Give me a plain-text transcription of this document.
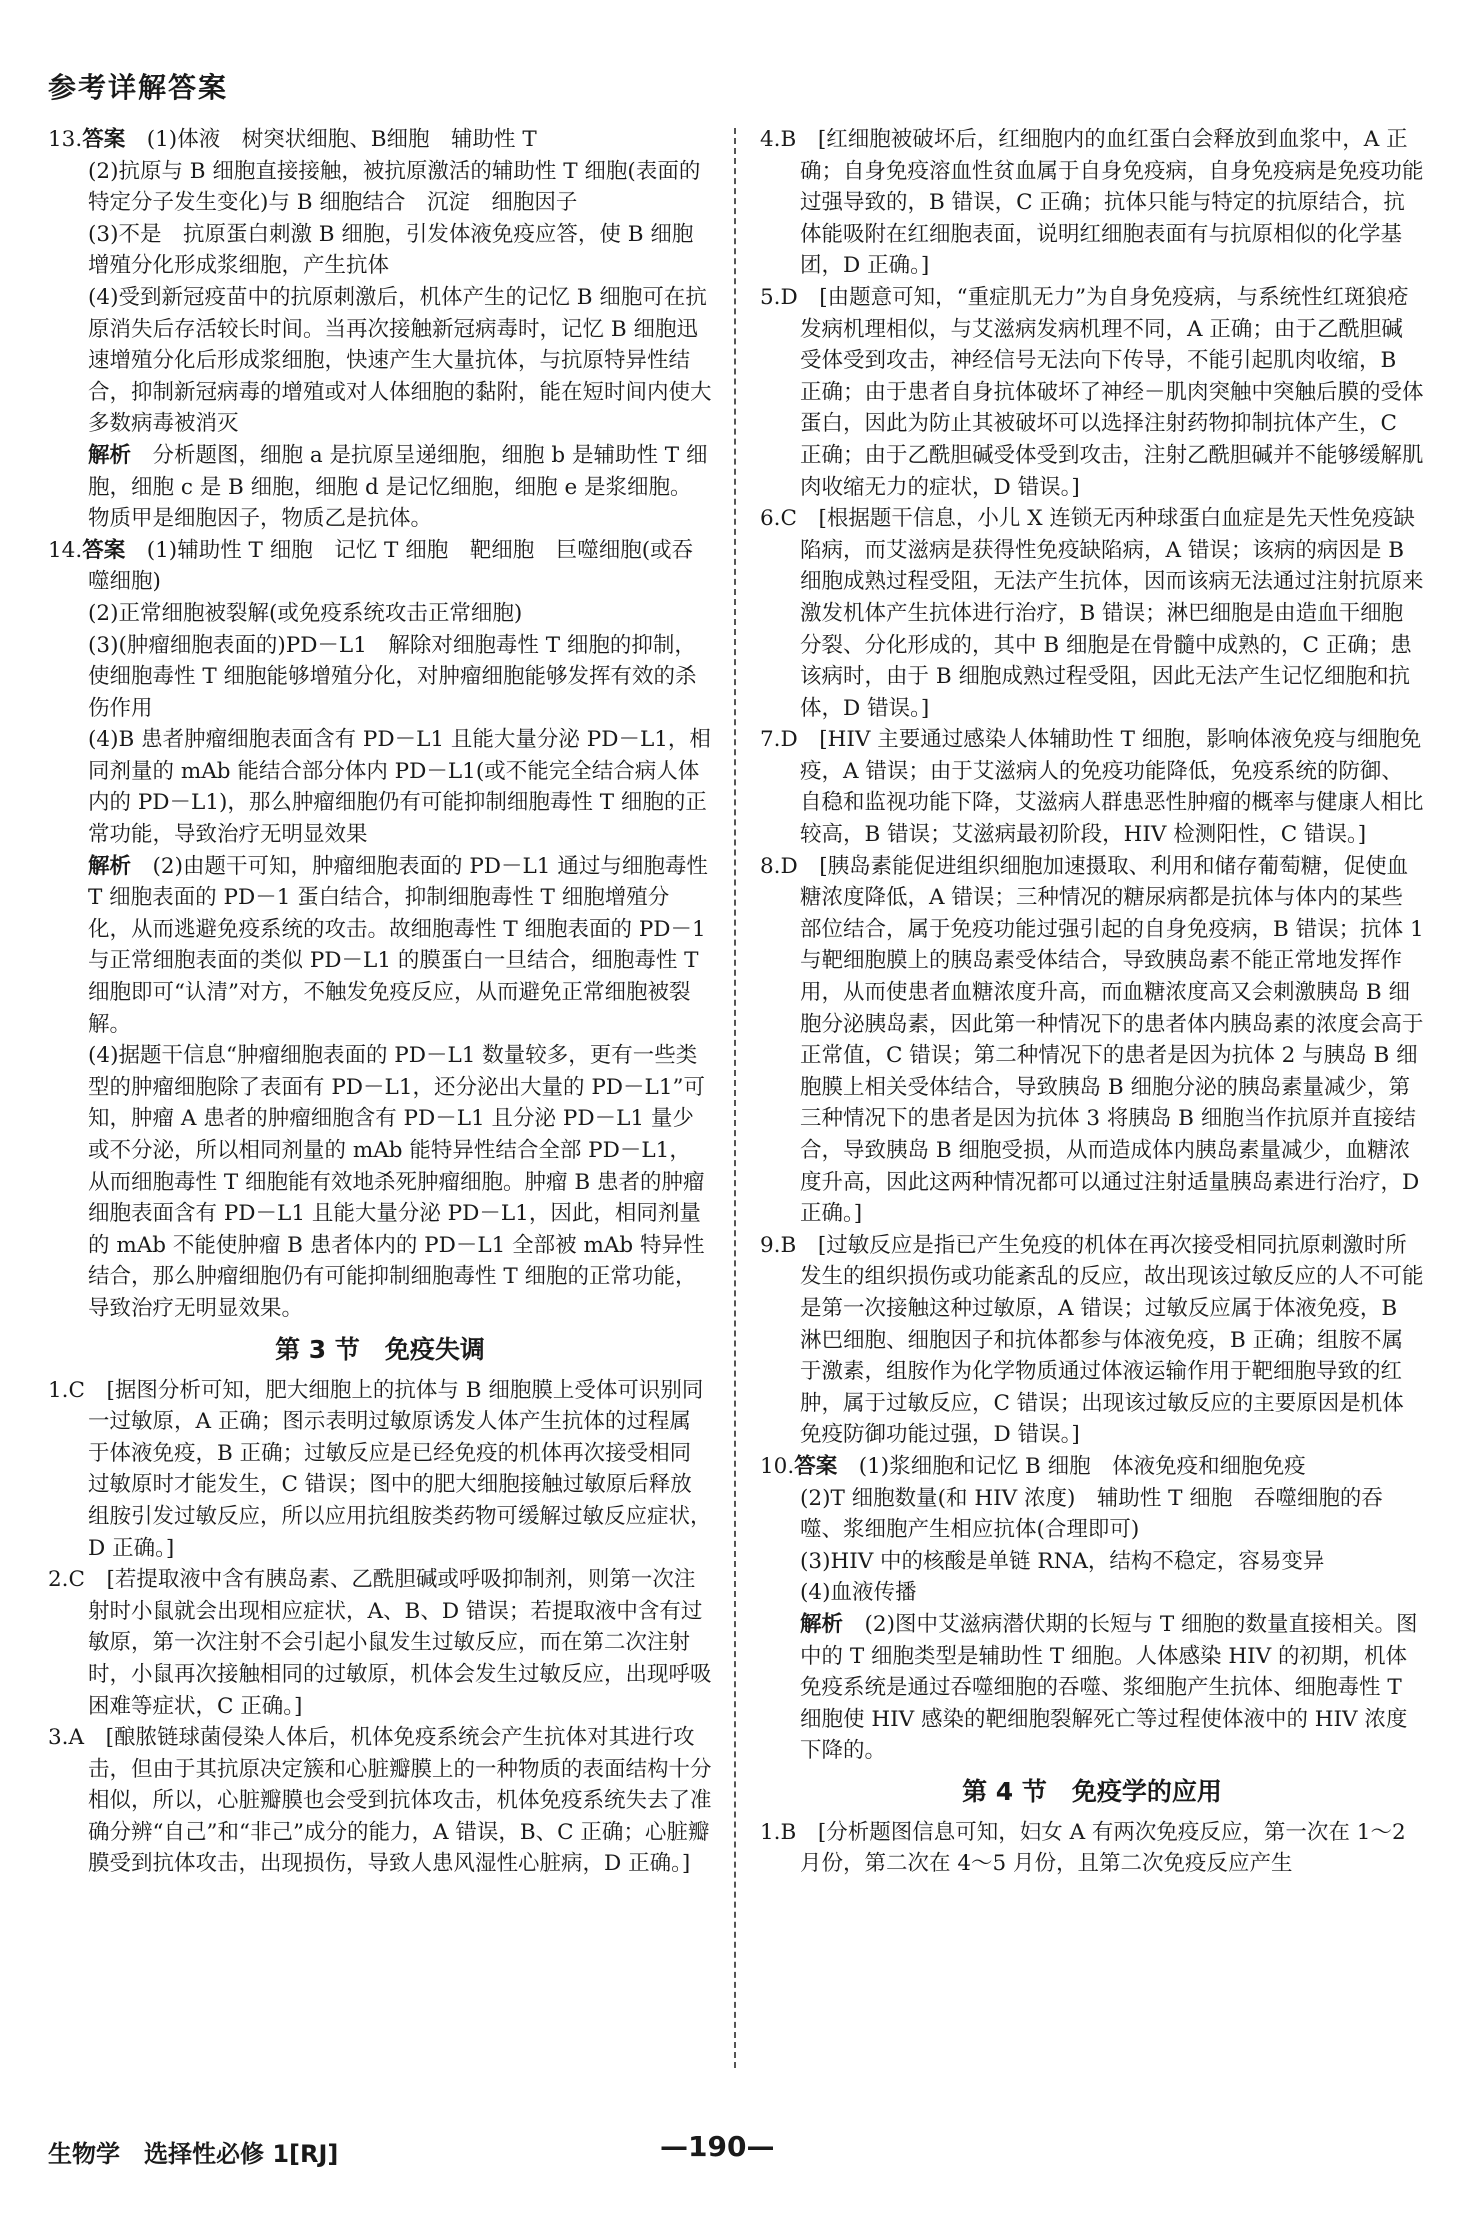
参考详解答案

13.答案　 (1)体液　树突状细胞、B细胞　辅助性 T

(2)抗原与 B 细胞直接接触，被抗原激活的辅助性 T 细胞(表面的特定分子发生变化)与 B 细胞结合　沉淀　细胞因子

(3)不是　抗原蛋白刺激 B 细胞，引发体液免疫应答，使 B 细胞增殖分化形成浆细胞，产生抗体

(4)受到新冠疫苗中的抗原刺激后，机体产生的记忆 B 细胞可在抗原消失后存活较长时间。当再次接触新冠病毒时，记忆 B 细胞迅速增殖分化后形成浆细胞，快速产生大量抗体，与抗原特异性结合，抑制新冠病毒的增殖或对人体细胞的黏附，能在短时间内使大多数病毒被消灭

解析　 分析题图，细胞 a 是抗原呈递细胞，细胞 b 是辅助性 T 细胞，细胞 c 是 B 细胞，细胞 d 是记忆细胞，细胞 e 是浆细胞。物质甲是细胞因子，物质乙是抗体。

14.答案　 (1)辅助性 T 细胞　记忆 T 细胞　靶细胞　巨噬细胞(或吞噬细胞)

(2)正常细胞被裂解(或免疫系统攻击正常细胞)

(3)(肿瘤细胞表面的)PD－L1　解除对细胞毒性 T 细胞的抑制，使细胞毒性 T 细胞能够增殖分化，对肿瘤细胞能够发挥有效的杀伤作用

(4)B 患者肿瘤细胞表面含有 PD－L1 且能大量分泌 PD－L1，相同剂量的 mAb 能结合部分体内 PD－L1(或不能完全结合病人体内的 PD－L1)，那么肿瘤细胞仍有可能抑制细胞毒性 T 细胞的正常功能，导致治疗无明显效果

解析　 (2)由题干可知，肿瘤细胞表面的 PD－L1 通过与细胞毒性 T 细胞表面的 PD－1 蛋白结合，抑制细胞毒性 T 细胞增殖分化，从而逃避免疫系统的攻击。故细胞毒性 T 细胞表面的 PD－1 与正常细胞表面的类似 PD－L1 的膜蛋白一旦结合，细胞毒性 T 细胞即可“认清”对方，不触发免疫反应，从而避免正常细胞被裂解。

(4)据题干信息“肿瘤细胞表面的 PD－L1 数量较多，更有一些类型的肿瘤细胞除了表面有 PD－L1，还分泌出大量的 PD－L1”可知，肿瘤 A 患者的肿瘤细胞含有 PD－L1 且分泌 PD－L1 量少或不分泌，所以相同剂量的 mAb 能特异性结合全部 PD－L1，从而细胞毒性 T 细胞能有效地杀死肿瘤细胞。肿瘤 B 患者的肿瘤细胞表面含有 PD－L1 且能大量分泌 PD－L1，因此，相同剂量的 mAb 不能使肿瘤 B 患者体内的 PD－L1 全部被 mAb 特异性结合，那么肿瘤细胞仍有可能抑制细胞毒性 T 细胞的正常功能，导致治疗无明显效果。

第 3 节　免疫失调

1.C　 [据图分析可知，肥大细胞上的抗体与 B 细胞膜上受体可识别同一过敏原，A 正确；图示表明过敏原诱发人体产生抗体的过程属于体液免疫，B 正确；过敏反应是已经免疫的机体再次接受相同过敏原时才能发生，C 错误；图中的肥大细胞接触过敏原后释放组胺引发过敏反应，所以应用抗组胺类药物可缓解过敏反应症状，D 正确。]

2.C　 [若提取液中含有胰岛素、乙酰胆碱或呼吸抑制剂，则第一次注射时小鼠就会出现相应症状，A、B、D 错误；若提取液中含有过敏原，第一次注射不会引起小鼠发生过敏反应，而在第二次注射时，小鼠再次接触相同的过敏原，机体会发生过敏反应，出现呼吸困难等症状，C 正确。]

3.A　 [酿脓链球菌侵染人体后，机体免疫系统会产生抗体对其进行攻击，但由于其抗原决定簇和心脏瓣膜上的一种物质的表面结构十分相似，所以，心脏瓣膜也会受到抗体攻击，机体免疫系统失去了准确分辨“自己”和“非己”成分的能力，A 错误，B、C 正确；心脏瓣膜受到抗体攻击，出现损伤，导致人患风湿性心脏病，D 正确。]

4.B　 [红细胞被破坏后，红细胞内的血红蛋白会释放到血浆中，A 正确；自身免疫溶血性贫血属于自身免疫病，自身免疫病是免疫功能过强导致的，B 错误，C 正确；抗体只能与特定的抗原结合，抗体能吸附在红细胞表面，说明红细胞表面有与抗原相似的化学基团，D 正确。]

5.D　 [由题意可知，“重症肌无力”为自身免疫病，与系统性红斑狼疮发病机理相似，与艾滋病发病机理不同，A 正确；由于乙酰胆碱受体受到攻击，神经信号无法向下传导，不能引起肌肉收缩，B 正确；由于患者自身抗体破坏了神经－肌肉突触中突触后膜的受体蛋白，因此为防止其被破坏可以选择注射药物抑制抗体产生，C 正确；由于乙酰胆碱受体受到攻击，注射乙酰胆碱并不能够缓解肌肉收缩无力的症状，D 错误。]

6.C　 [根据题干信息，小儿 X 连锁无丙种球蛋白血症是先天性免疫缺陷病，而艾滋病是获得性免疫缺陷病，A 错误；该病的病因是 B 细胞成熟过程受阻，无法产生抗体，因而该病无法通过注射抗原来激发机体产生抗体进行治疗，B 错误；淋巴细胞是由造血干细胞分裂、分化形成的，其中 B 细胞是在骨髓中成熟的，C 正确；患该病时，由于 B 细胞成熟过程受阻，因此无法产生记忆细胞和抗体，D 错误。]

7.D　 [HIV 主要通过感染人体辅助性 T 细胞，影响体液免疫与细胞免疫，A 错误；由于艾滋病人的免疫功能降低，免疫系统的防御、自稳和监视功能下降，艾滋病人群患恶性肿瘤的概率与健康人相比较高，B 错误；艾滋病最初阶段，HIV 检测阳性，C 错误。]

8.D　 [胰岛素能促进组织细胞加速摄取、利用和储存葡萄糖，促使血糖浓度降低，A 错误；三种情况的糖尿病都是抗体与体内的某些部位结合，属于免疫功能过强引起的自身免疫病，B 错误；抗体 1 与靶细胞膜上的胰岛素受体结合，导致胰岛素不能正常地发挥作用，从而使患者血糖浓度升高，而血糖浓度高又会刺激胰岛 B 细胞分泌胰岛素，因此第一种情况下的患者体内胰岛素的浓度会高于正常值，C 错误；第二种情况下的患者是因为抗体 2 与胰岛 B 细胞膜上相关受体结合，导致胰岛 B 细胞分泌的胰岛素量减少，第三种情况下的患者是因为抗体 3 将胰岛 B 细胞当作抗原并直接结合，导致胰岛 B 细胞受损，从而造成体内胰岛素量减少，血糖浓度升高，因此这两种情况都可以通过注射适量胰岛素进行治疗，D 正确。]

9.B　 [过敏反应是指已产生免疫的机体在再次接受相同抗原刺激时所发生的组织损伤或功能紊乱的反应，故出现该过敏反应的人不可能是第一次接触这种过敏原，A 错误；过敏反应属于体液免疫，B 淋巴细胞、细胞因子和抗体都参与体液免疫，B 正确；组胺不属于激素，组胺作为化学物质通过体液运输作用于靶细胞导致的红肿，属于过敏反应，C 错误；出现该过敏反应的主要原因是机体免疫防御功能过强，D 错误。]

10.答案　 (1)浆细胞和记忆 B 细胞　体液免疫和细胞免疫

(2)T 细胞数量(和 HIV 浓度)　辅助性 T 细胞　吞噬细胞的吞噬、浆细胞产生相应抗体(合理即可)

(3)HIV 中的核酸是单链 RNA，结构不稳定，容易变异

(4)血液传播

解析　 (2)图中艾滋病潜伏期的长短与 T 细胞的数量直接相关。图中的 T 细胞类型是辅助性 T 细胞。人体感染 HIV 的初期，机体免疫系统是通过吞噬细胞的吞噬、浆细胞产生抗体、细胞毒性 T 细胞使 HIV 感染的靶细胞裂解死亡等过程使体液中的 HIV 浓度下降的。

第 4 节　免疫学的应用

1.B　 [分析题图信息可知，妇女 A 有两次免疫反应，第一次在 1～2 月份，第二次在 4～5 月份，且第二次免疫反应产生

生物学　选择性必修 1[RJ]	—190—
